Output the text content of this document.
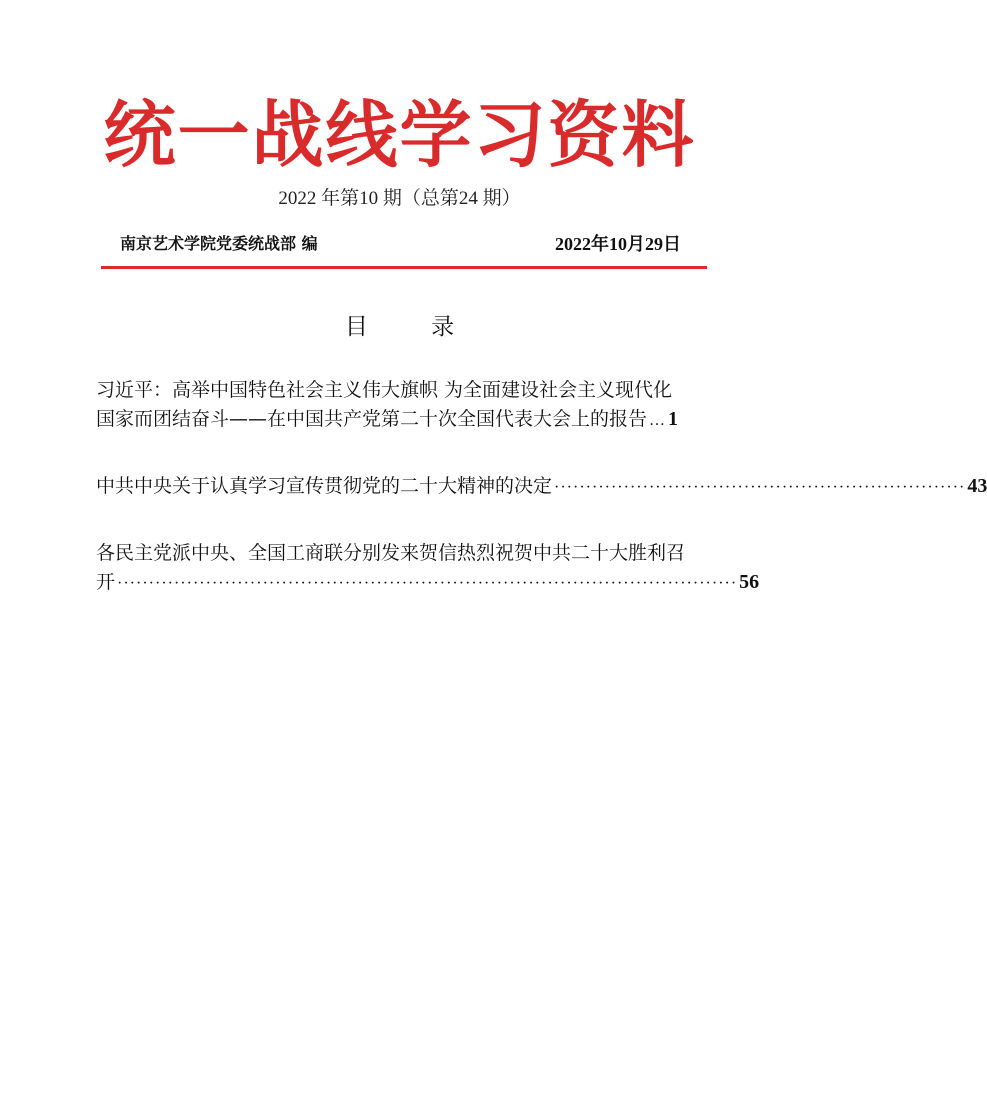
统一战线学习资料
2022 年第10 期（总第24 期）
南京艺术学院党委统战部 编	2022年10月29日
目 录
习近平：高举中国特色社会主义伟大旗帜 为全面建设社会主义现代化
国家而团结奋斗——在中国共产党第二十次全国代表大会上的报告 … 1
中共中央关于认真学习宣传贯彻党的二十大精神的决定 ································································· 43
各民主党派中央、全国工商联分别发来贺信热烈祝贺中共二十大胜利召
开 ·································································································· 56
